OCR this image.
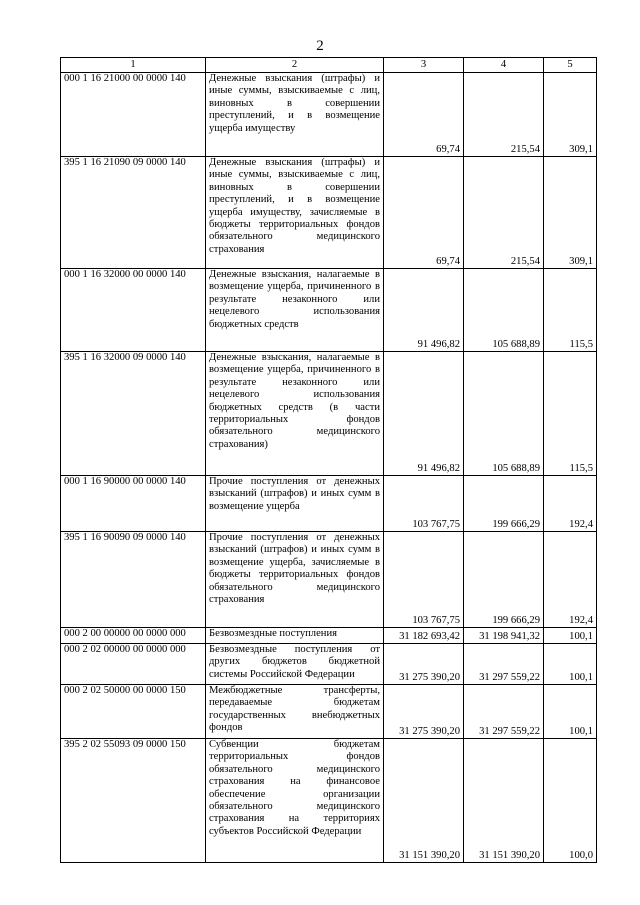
2
1	2	3	4	5
000 1 16 21000 00 0000 140	Денежные взыскания (штрафы) и иные суммы, взыскиваемые с лиц, виновных в совершении преступлений, и в возмещение ущерба имуществу	69,74	215,54	309,1
395 1 16 21090 09 0000 140	Денежные взыскания (штрафы) и иные суммы, взыскиваемые с лиц, виновных в совершении преступлений, и в возмещение ущерба имуществу, зачисляемые в бюджеты территориальных фондов обязательного медицинского страхования	69,74	215,54	309,1
000 1 16 32000 00 0000 140	Денежные взыскания, налагаемые в возмещение ущерба, причиненного в результате незаконного или нецелевого использования бюджетных средств	91 496,82	105 688,89	115,5
395 1 16 32000 09 0000 140	Денежные взыскания, налагаемые в возмещение ущерба, причиненного в результате незаконного или нецелевого использования бюджетных средств (в части территориальных фондов обязательного медицинского страхования)	91 496,82	105 688,89	115,5
000 1 16 90000 00 0000 140	Прочие поступления от денежных взысканий (штрафов) и иных сумм в возмещение ущерба	103 767,75	199 666,29	192,4
395 1 16 90090 09 0000 140	Прочие поступления от денежных взысканий (штрафов) и иных сумм в возмещение ущерба, зачисляемые в бюджеты территориальных фондов обязательного медицинского страхования	103 767,75	199 666,29	192,4
000 2 00 00000 00 0000 000	Безвозмездные поступления	31 182 693,42	31 198 941,32	100,1
000 2 02 00000 00 0000 000	Безвозмездные поступления от других бюджетов бюджетной системы Российской Федерации	31 275 390,20	31 297 559,22	100,1
000 2 02 50000 00 0000 150	Межбюджетные трансферты, передаваемые бюджетам государственных внебюджетных фондов	31 275 390,20	31 297 559,22	100,1
395 2 02 55093 09 0000 150	Субвенции бюджетам территориальных фондов обязательного медицинского страхования на финансовое обеспечение организации обязательного медицинского страхования на территориях субъектов Российской Федерации	31 151 390,20	31 151 390,20	100,0
